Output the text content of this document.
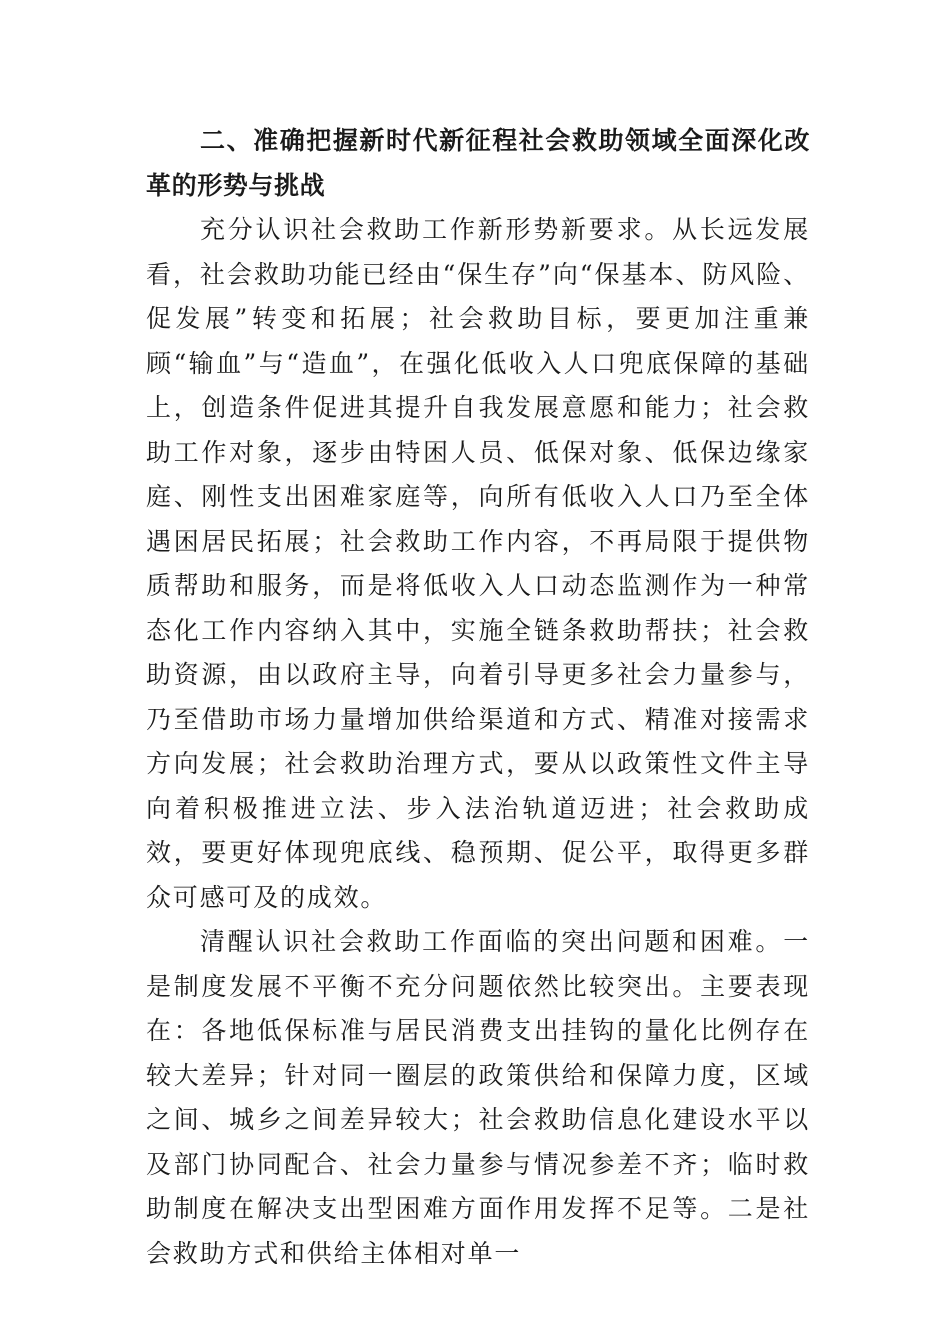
二、准确把握新时代新征程社会救助领域全面深化改革的形势与挑战

充分认识社会救助工作新形势新要求。从长远发展看，社会救助功能已经由“保生存”向“保基本、防风险、促发展”转变和拓展；社会救助目标，要更加注重兼顾“输血”与“造血”，在强化低收入人口兜底保障的基础上，创造条件促进其提升自我发展意愿和能力；社会救助工作对象，逐步由特困人员、低保对象、低保边缘家庭、刚性支出困难家庭等，向所有低收入人口乃至全体遇困居民拓展；社会救助工作内容，不再局限于提供物质帮助和服务，而是将低收入人口动态监测作为一种常态化工作内容纳入其中，实施全链条救助帮扶；社会救助资源，由以政府主导，向着引导更多社会力量参与，乃至借助市场力量增加供给渠道和方式、精准对接需求方向发展；社会救助治理方式，要从以政策性文件主导向着积极推进立法、步入法治轨道迈进；社会救助成效，要更好体现兜底线、稳预期、促公平，取得更多群众可感可及的成效。

清醒认识社会救助工作面临的突出问题和困难。一是制度发展不平衡不充分问题依然比较突出。主要表现在：各地低保标准与居民消费支出挂钩的量化比例存在较大差异；针对同一圈层的政策供给和保障力度，区域之间、城乡之间差异较大；社会救助信息化建设水平以及部门协同配合、社会力量参与情况参差不齐；临时救助制度在解决支出型困难方面作用发挥不足等。二是社会救助方式和供给主体相对单一
